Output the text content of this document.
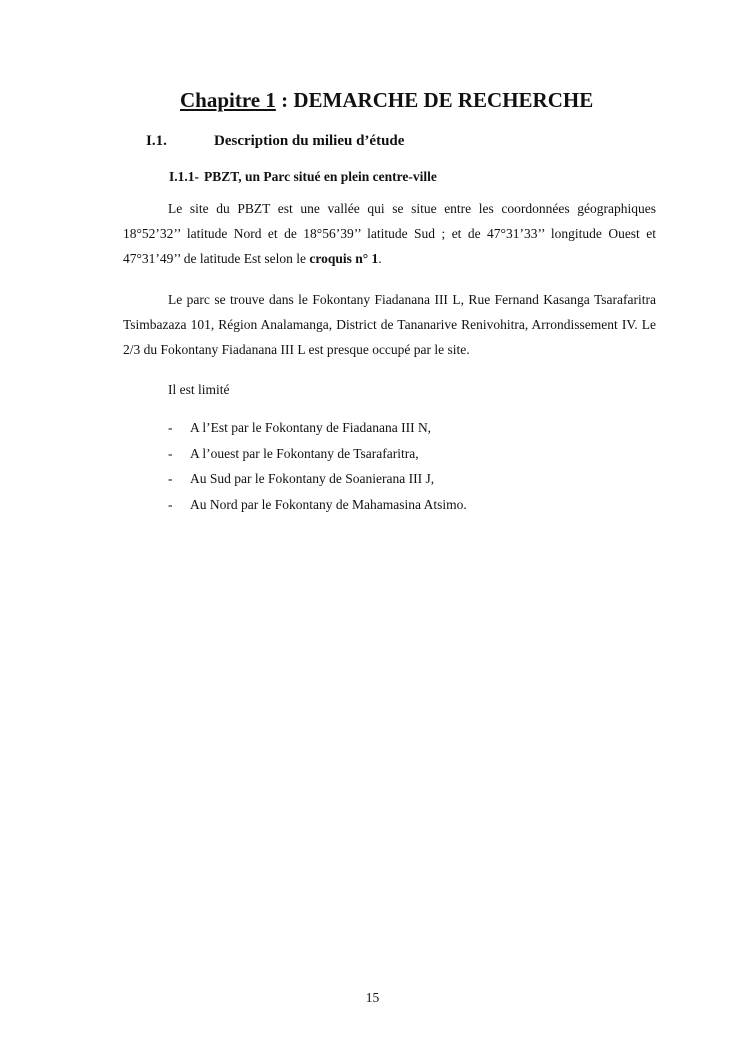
Chapitre 1 : DEMARCHE DE RECHERCHE
I.1.	Description du milieu d’étude
I.1.1- PBZT, un Parc situé en plein centre-ville

Le site du PBZT est une vallée qui se situe entre les coordonnées géographiques 18°52’32’’ latitude Nord et de 18°56’39’’ latitude Sud ; et de 47°31’33’’ longitude Ouest et 47°31’49’’ de latitude Est selon le croquis n° 1.

Le parc se trouve dans le Fokontany Fiadanana III L, Rue Fernand Kasanga Tsarafaritra Tsimbazaza 101, Région Analamanga, District de Tananarive Renivohitra, Arrondissement IV. Le 2/3 du Fokontany Fiadanana III L est presque occupé par le site.

Il est limité

- A l’Est par le Fokontany de Fiadanana III N,
- A l’ouest par le Fokontany de Tsarafaritra,
- Au Sud par le Fokontany de Soanierana III J,
- Au Nord par le Fokontany de Mahamasina Atsimo.
15
